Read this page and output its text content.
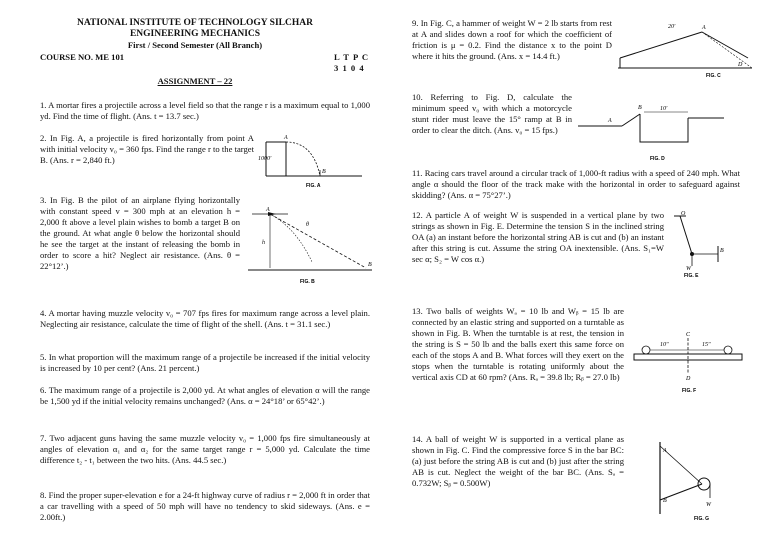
NATIONAL INSTITUTE OF TECHNOLOGY SILCHAR
ENGINEERING MECHANICS
First / Second Semester (All Branch)
COURSE NO. ME 101	L T P C
3 1 0 4
ASSIGNMENT – 22
1. A mortar fires a projectile across a level field so that the range r is a maximum equal to 1,000 yd. Find the time of flight. (Ans. t = 13.7 sec.)
2. In Fig. A, a projectile is fired horizontally from point A with initial velocity v₀ = 360 fps. Find the range r to the target B. (Ans. r = 2,840 ft.)
3. In Fig. B the pilot of an airplane flying horizontally with constant speed v = 300 mph at an elevation h = 2,000 ft above a level plain wishes to bomb a target B on the ground. At what angle θ below the horizontal should he see the target at the instant of releasing the bomb in order to score a hit? Neglect air resistance. (Ans. θ = 22°12’.)
4. A mortar having muzzle velocity v₀ = 707 fps fires for maximum range across a level plain. Neglecting air resistance, calculate the time of flight of the shell. (Ans. t = 31.1 sec.)
5. In what proportion will the maximum range of a projectile be increased if the initial velocity is increased by 10 per cent? (Ans. 21 percent.)
6. The maximum range of a projectile is 2,000 yd. At what angles of elevation α will the range be 1,500 yd if the initial velocity remains unchanged? (Ans. α = 24°18’ or 65°42’.)
7. Two adjacent guns having the same muzzle velocity v₀ = 1,000 fps fire simultaneously at angles of elevation α₁ and α₂ for the same target range r = 5,000 yd. Calculate the time difference t₂ - t₁ between the two hits. (Ans. 44.5 sec.)
8. Find the proper super-elevation e for a 24-ft highway curve of radius r = 2,000 ft in order that a car travelling with a speed of 50 mph will have no tendency to skid sideways. (Ans. e = 2.00ft.)
9. In Fig. C, a hammer of weight W = 2 lb starts from rest at A and slides down a roof for which the coefficient of friction is μ = 0.2. Find the distance x to the point D where it hits the ground. (Ans. x = 14.4 ft.)
10. Referring to Fig. D, calculate the minimum speed v₀ with which a motorcycle stunt rider must leave the 15° ramp at B in order to clear the ditch. (Ans. v₀ = 15 fps.)
11. Racing cars travel around a circular track of 1,000-ft radius with a speed of 240 mph. What angle α should the floor of the track make with the horizontal in order to safeguard against skidding? (Ans. α = 75°27’.)
12. A particle A of weight W is suspended in a vertical plane by two strings as shown in Fig. E. Determine the tension S in the inclined string OA (a) an instant before the horizontal string AB is cut and (b) an instant after this string is cut. Assume the string OA inextensible. (Ans. S₁=W sec α; S₂ = W cos α.)
13. Two balls of weights Wₐ = 10 lb and Wᵦ = 15 lb are connected by an elastic string and supported on a turntable as shown in Fig. B. When the turntable is at rest, the tension in the string is S = 50 lb and the balls exert this same force on each of the stops A and B. What forces will they exert on the stops when the turntable is rotating uniformly about the vertical axis CD at 60 rpm? (Ans. Rₐ = 39.8 lb; Rᵦ = 27.0 lb)
14. A ball of weight W is supported in a vertical plane as shown in Fig. C. Find the compressive force S in the bar BC: (a) just before the string AB is cut and (b) just after the string AB is cut. Neglect the weight of the bar BC. (Ans. Sₐ = 0.732W; Sᵦ = 0.500W)
1000'
A
B
FIG. A
A
h
B
θ
FIG. B
20'	A
D
FIG. C
10'
B
A
FIG. D
O
B
W
FIG. E
10"	15"
D
C
FIG. F
A
B
W
FIG. G
